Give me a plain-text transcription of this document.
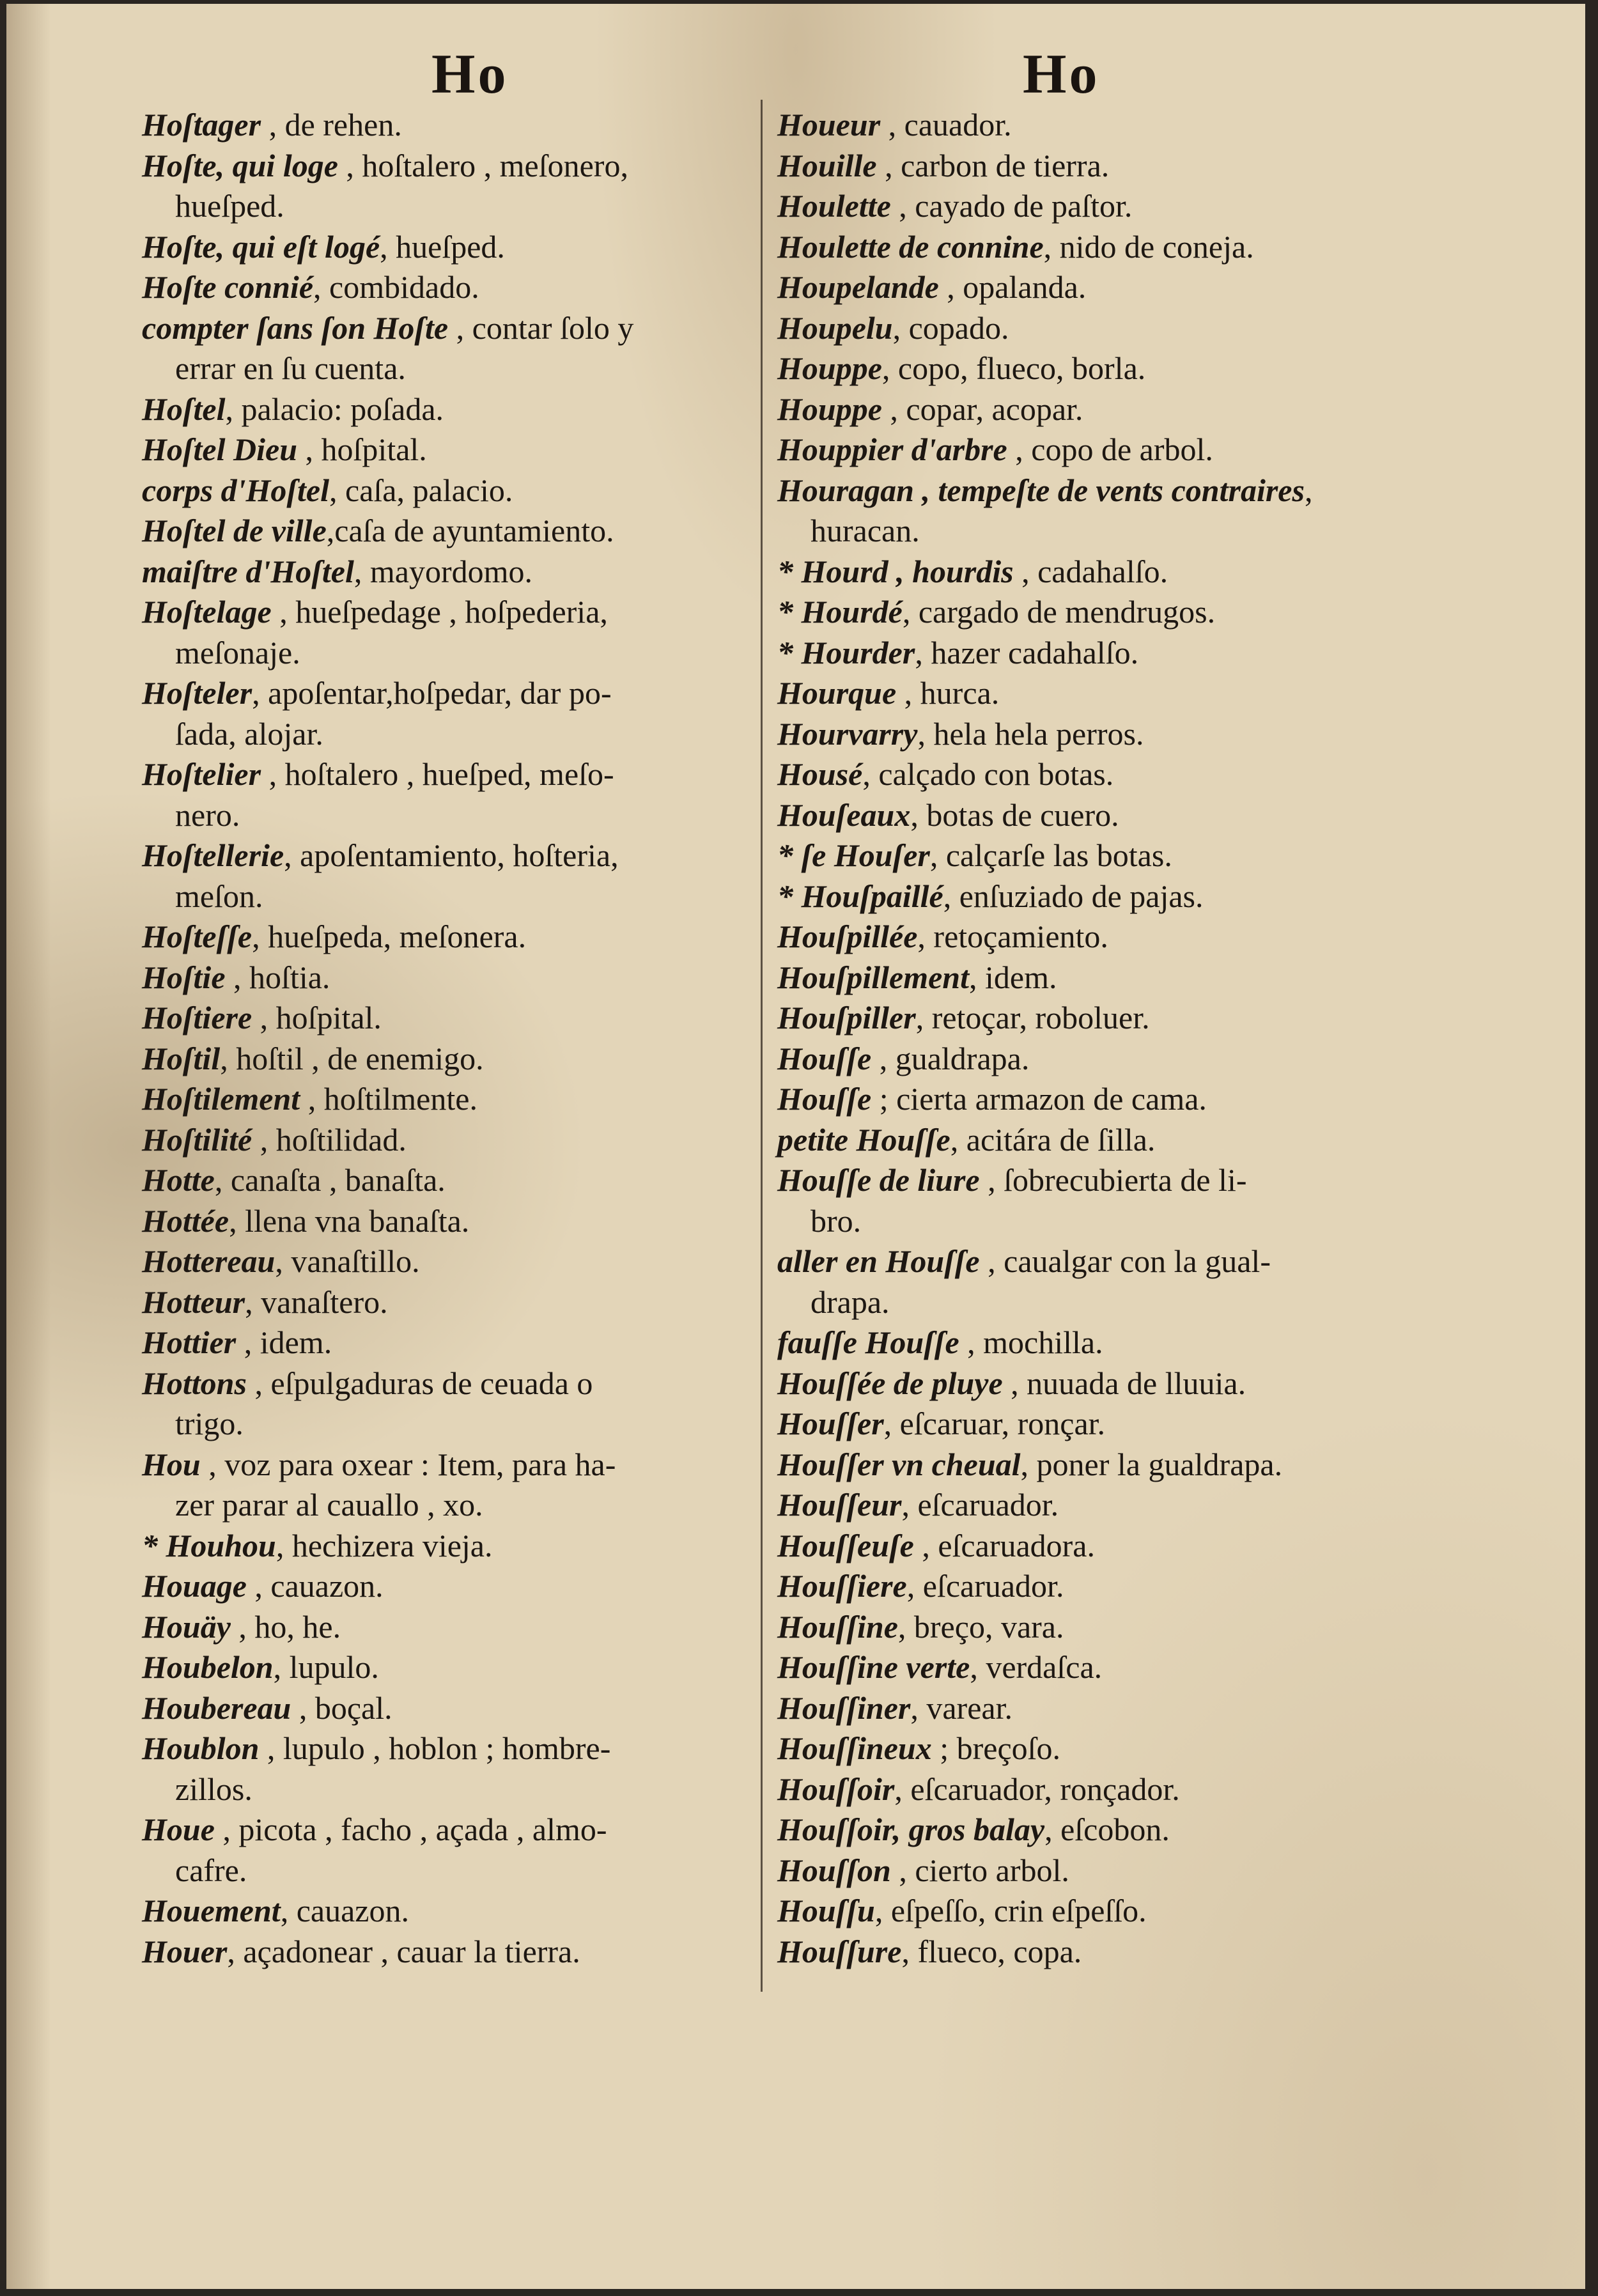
Ho	Ho
Hoſtager , de rehen.
Hoſte, qui loge , hoſtalero , meſonero,
hueſped.
Hoſte, qui eſt logé, hueſped.
Hoſte connié, combidado.
compter ſans ſon Hoſte , contar ſolo y
errar en ſu cuenta.
Hoſtel, palacio: poſada.
Hoſtel Dieu , hoſpital.
corps d'Hoſtel, caſa, palacio.
Hoſtel de ville,caſa de ayuntamiento.
maiſtre d'Hoſtel, mayordomo.
Hoſtelage , hueſpedage , hoſpederia,
meſonaje.
Hoſteler, apoſentar,hoſpedar, dar po-
ſada, alojar.
Hoſtelier , hoſtalero , hueſped, meſo-
nero.
Hoſtellerie, apoſentamiento, hoſteria,
meſon.
Hoſteſſe, hueſpeda, meſonera.
Hoſtie , hoſtia.
Hoſtiere , hoſpital.
Hoſtil, hoſtil , de enemigo.
Hoſtilement , hoſtilmente.
Hoſtilité , hoſtilidad.
Hotte, canaſta , banaſta.
Hottée, llena vna banaſta.
Hottereau, vanaſtillo.
Hotteur, vanaſtero.
Hottier , idem.
Hottons , eſpulgaduras de ceuada o
trigo.
Hou , voz para oxear : Item, para ha-
zer parar al cauallo , xo.
* Houhou, hechizera vieja.
Houage , cauazon.
Houäy , ho, he.
Houbelon, lupulo.
Houbereau , boçal.
Houblon , lupulo , hoblon ; hombre-
zillos.
Houe , picota , facho , açada , almo-
cafre.
Houement, cauazon.
Houer, açadonear , cauar la tierra.
Houeur , cauador.
Houille , carbon de tierra.
Houlette , cayado de paſtor.
Houlette de connine, nido de coneja.
Houpelande , opalanda.
Houpelu, copado.
Houppe, copo, flueco, borla.
Houppe , copar, acopar.
Houppier d'arbre , copo de arbol.
Houragan , tempeſte de vents contraires,
huracan.
* Hourd , hourdis , cadahalſo.
* Hourdé, cargado de mendrugos.
* Hourder, hazer cadahalſo.
Hourque , hurca.
Hourvarry, hela hela perros.
Housé, calçado con botas.
Houſeaux, botas de cuero.
* ſe Houſer, calçarſe las botas.
* Houſpaillé, enſuziado de pajas.
Houſpillée, retoçamiento.
Houſpillement, idem.
Houſpiller, retoçar, roboluer.
Houſſe , gualdrapa.
Houſſe ; cierta armazon de cama.
petite Houſſe, acitára de ſilla.
Houſſe de liure , ſobrecubierta de li-
bro.
aller en Houſſe , caualgar con la gual-
drapa.
fauſſe Houſſe , mochilla.
Houſſée de pluye , nuuada de lluuia.
Houſſer, eſcaruar, ronçar.
Houſſer vn cheual, poner la gualdrapa.
Houſſeur, eſcaruador.
Houſſeuſe , eſcaruadora.
Houſſiere, eſcaruador.
Houſſine, breço, vara.
Houſſine verte, verdaſca.
Houſſiner, varear.
Houſſineux ; breçoſo.
Houſſoir, eſcaruador, ronçador.
Houſſoir, gros balay, eſcobon.
Houſſon , cierto arbol.
Houſſu, eſpeſſo, crin eſpeſſo.
Houſſure, flueco, copa.
